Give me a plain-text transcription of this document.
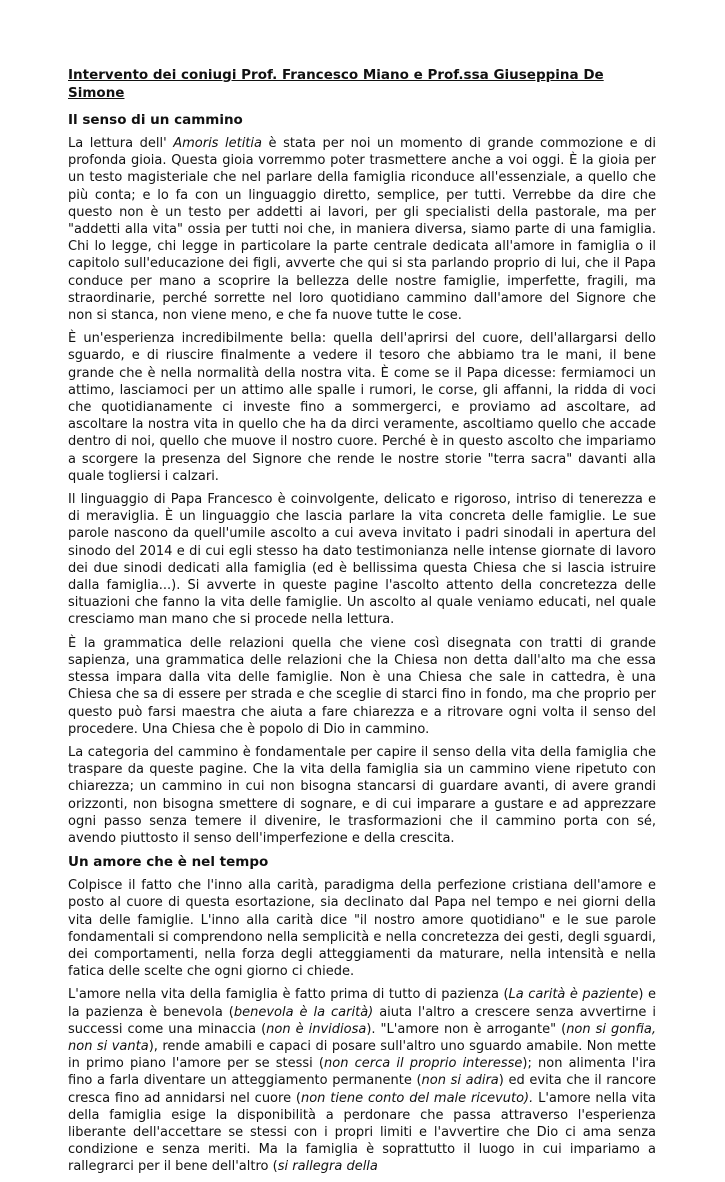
Intervento dei coniugi Prof. Francesco Miano e Prof.ssa Giuseppina De Simone
Il senso di un cammino

La lettura dell' Amoris letitia è stata per noi un momento di grande commozione e di profonda gioia. Questa gioia vorremmo poter trasmettere anche a voi oggi. È la gioia per un testo magisteriale che nel parlare della famiglia riconduce all'essenziale, a quello che più conta; e lo fa con un linguaggio diretto, semplice, per tutti. Verrebbe da dire che questo non è un testo per addetti ai lavori, per gli specialisti della pastorale, ma per "addetti alla vita" ossia per tutti noi che, in maniera diversa, siamo parte di una famiglia. Chi lo legge, chi legge in particolare la parte centrale dedicata all'amore in famiglia o il capitolo sull'educazione dei figli, avverte che qui si sta parlando proprio di lui, che il Papa conduce per mano a scoprire la bellezza delle nostre famiglie, imperfette, fragili, ma straordinarie, perché sorrette nel loro quotidiano cammino dall'amore del Signore che non si stanca, non viene meno, e che fa nuove tutte le cose.

È un'esperienza incredibilmente bella: quella dell'aprirsi del cuore, dell'allargarsi dello sguardo, e di riuscire finalmente a vedere il tesoro che abbiamo tra le mani, il bene grande che è nella normalità della nostra vita. È come se il Papa dicesse: fermiamoci un attimo, lasciamoci per un attimo alle spalle i rumori, le corse, gli affanni, la ridda di voci che quotidianamente ci investe fino a sommergerci, e proviamo ad ascoltare, ad ascoltare la nostra vita in quello che ha da dirci veramente, ascoltiamo quello che accade dentro di noi, quello che muove il nostro cuore. Perché è in questo ascolto che impariamo a scorgere la presenza del Signore che rende le nostre storie "terra sacra" davanti alla quale togliersi i calzari.

Il linguaggio di Papa Francesco è coinvolgente, delicato e rigoroso, intriso di tenerezza e di meraviglia. È un linguaggio che lascia parlare la vita concreta delle famiglie. Le sue parole nascono da quell'umile ascolto a cui aveva invitato i padri sinodali in apertura del sinodo del 2014 e di cui egli stesso ha dato testimonianza nelle intense giornate di lavoro dei due sinodi dedicati alla famiglia (ed è bellissima questa Chiesa che si lascia istruire dalla famiglia...). Si avverte in queste pagine l'ascolto attento della concretezza delle situazioni che fanno la vita delle famiglie. Un ascolto al quale veniamo educati, nel quale cresciamo man mano che si procede nella lettura.

È la grammatica delle relazioni quella che viene così disegnata con tratti di grande sapienza, una grammatica delle relazioni che la Chiesa non detta dall'alto ma che essa stessa impara dalla vita delle famiglie. Non è una Chiesa che sale in cattedra, è una Chiesa che sa di essere per strada e che sceglie di starci fino in fondo, ma che proprio per questo può farsi maestra che aiuta a fare chiarezza e a ritrovare ogni volta il senso del procedere. Una Chiesa che è popolo di Dio in cammino.

La categoria del cammino è fondamentale per capire il senso della vita della famiglia che traspare da queste pagine. Che la vita della famiglia sia un cammino viene ripetuto con chiarezza; un cammino in cui non bisogna stancarsi di guardare avanti, di avere grandi orizzonti, non bisogna smettere di sognare, e di cui imparare a gustare e ad apprezzare ogni passo senza temere il divenire, le trasformazioni che il cammino porta con sé, avendo piuttosto il senso dell'imperfezione e della crescita.

Un amore che è nel tempo

Colpisce il fatto che l'inno alla carità, paradigma della perfezione cristiana dell'amore e posto al cuore di questa esortazione, sia declinato dal Papa nel tempo e nei giorni della vita delle famiglie. L'inno alla carità dice "il nostro amore quotidiano" e le sue parole fondamentali si comprendono nella semplicità e nella concretezza dei gesti, degli sguardi, dei comportamenti, nella forza degli atteggiamenti da maturare, nella intensità e nella fatica delle scelte che ogni giorno ci chiede.

L'amore nella vita della famiglia è fatto prima di tutto di pazienza (La carità è paziente) e la pazienza è benevola (benevola è la carità) aiuta l'altro a crescere senza avvertirne i successi come una minaccia (non è invidiosa). "L'amore non è arrogante" (non si gonfia, non si vanta), rende amabili e capaci di posare sull'altro uno sguardo amabile. Non mette in primo piano l'amore per se stessi (non cerca il proprio interesse); non alimenta l'ira fino a farla diventare un atteggiamento permanente (non si adira) ed evita che il rancore cresca fino ad annidarsi nel cuore (non tiene conto del male ricevuto). L'amore nella vita della famiglia esige la disponibilità a perdonare che passa attraverso l'esperienza liberante dell'accettare se stessi con i propri limiti e l'avvertire che Dio ci ama senza condizione e senza meriti. Ma la famiglia è soprattutto il luogo in cui impariamo a rallegrarci per il bene dell'altro (si rallegra della
